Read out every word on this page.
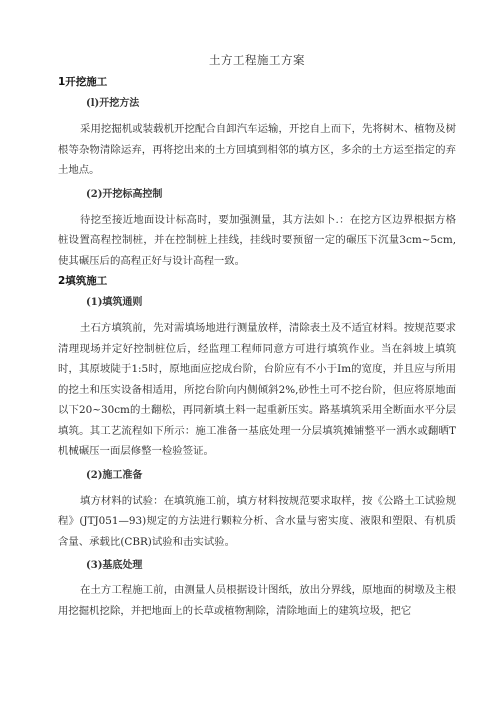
土方工程施工方案
1开挖施工
(l)开挖方法

采用挖掘机或装载机开挖配合自卸汽车运输，开挖自上而下，先将树木、植物及树根等杂物清除运弃，再将挖出来的土方回填到相邻的填方区，多余的土方运至指定的弃土地点。

(2)开挖标高控制

待挖至接近地面设计标高时，要加强测量，其方法如卜.：在挖方区边界根据方格桩设置高程控制桩，并在控制桩上挂线，挂线时要预留一定的碾压下沉量3cm~5cm,使其碾压后的高程正好与设计高程一致。

2填筑施工
(1)填筑通则

土石方填筑前，先对需填场地进行测量放样，清除表土及不适宜材料。按规范要求清理现场并定好控制桩位后，经监理工程师同意方可进行填筑作业。当在斜坡上填筑时，其原坡陡于1:5时，原地面应挖成台阶，台阶应有不小于Im的宽度，并且应与所用的挖土和压实设备相适用，所挖台阶向内侧倾斜2%,砂性土可不挖台阶，但应将原地面以下20~30cm的土翻松，再同新填土料一起重新压实。路基填筑采用全断面水平分层填筑。其工艺流程如下所示：施工准备一基底处理一分层填筑摊铺整平一洒水或翻晒T机械碾压一面层修整一检验签证。

(2)施工准备

填方材料的试验：在填筑施工前，填方材料按规范要求取样，按《公路土工试验规程》(JTJ051—93)规定的方法进行颗粒分析、含水量与密实度、液限和塑限、有机质含量、承载比(CBR)试验和击实试验。

(3)基底处理

在土方工程施工前，由测量人员根据设计图纸，放出分界线，原地面的树墩及主根用挖掘机挖除，并把地面上的长草或植物割除，清除地面上的建筑垃圾，把它
